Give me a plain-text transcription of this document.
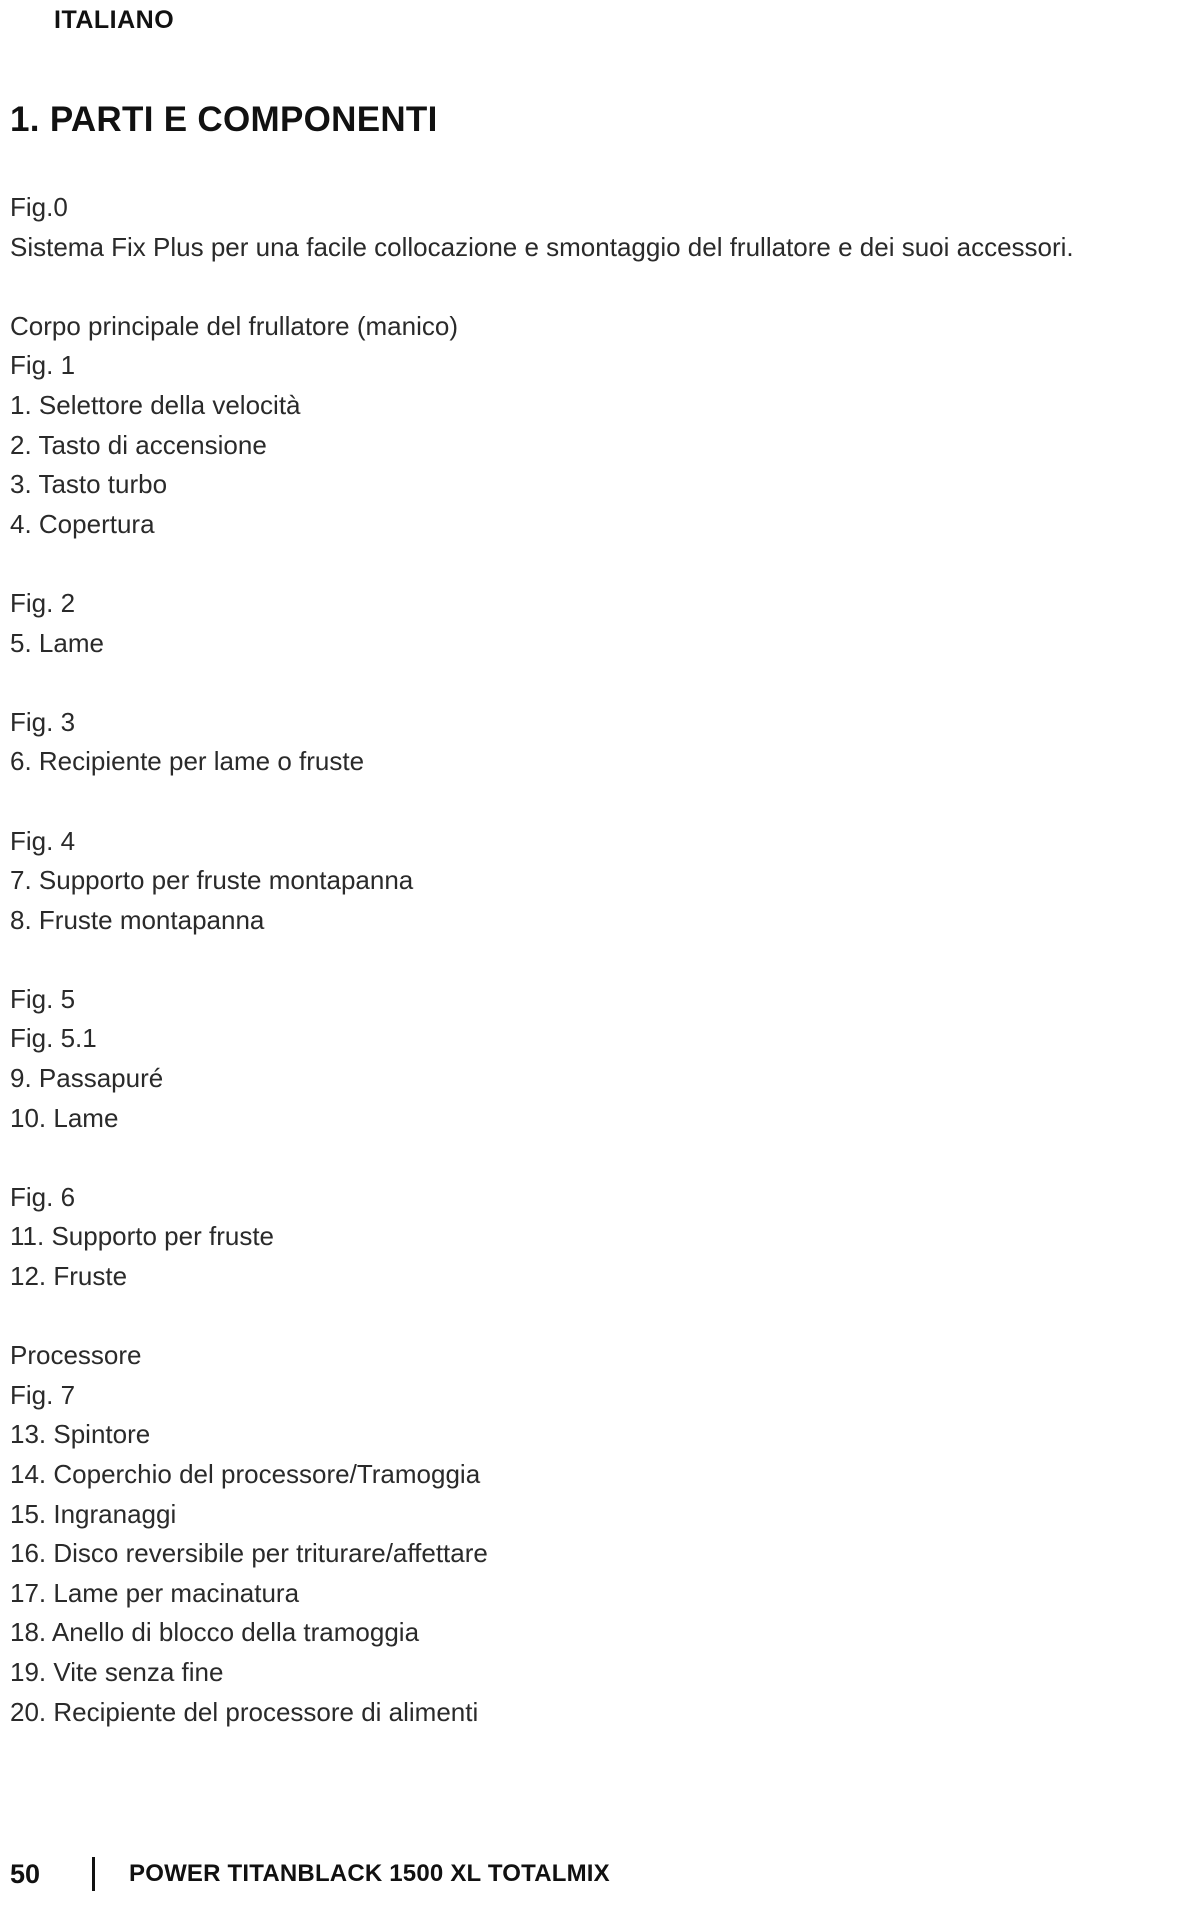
ITALIANO
1. PARTI E COMPONENTI
Fig.0
Sistema Fix Plus per una facile collocazione e smontaggio del frullatore e dei suoi accessori.
Corpo principale del frullatore (manico)
Fig. 1
1. Selettore della velocità
2. Tasto di accensione
3. Tasto turbo
4. Copertura
Fig. 2
5. Lame
Fig. 3
6. Recipiente per lame o fruste
Fig. 4
7. Supporto per fruste montapanna
8. Fruste montapanna
Fig. 5
Fig. 5.1
9. Passapuré
10. Lame
Fig. 6
11. Supporto per fruste
12. Fruste
Processore
Fig. 7
13. Spintore
14. Coperchio del processore/Tramoggia
15. Ingranaggi
16. Disco reversibile per triturare/affettare
17. Lame per macinatura
18. Anello di blocco della tramoggia
19. Vite senza fine
20. Recipiente del processore di alimenti
50	POWER TITANBLACK 1500 XL TOTALMIX
